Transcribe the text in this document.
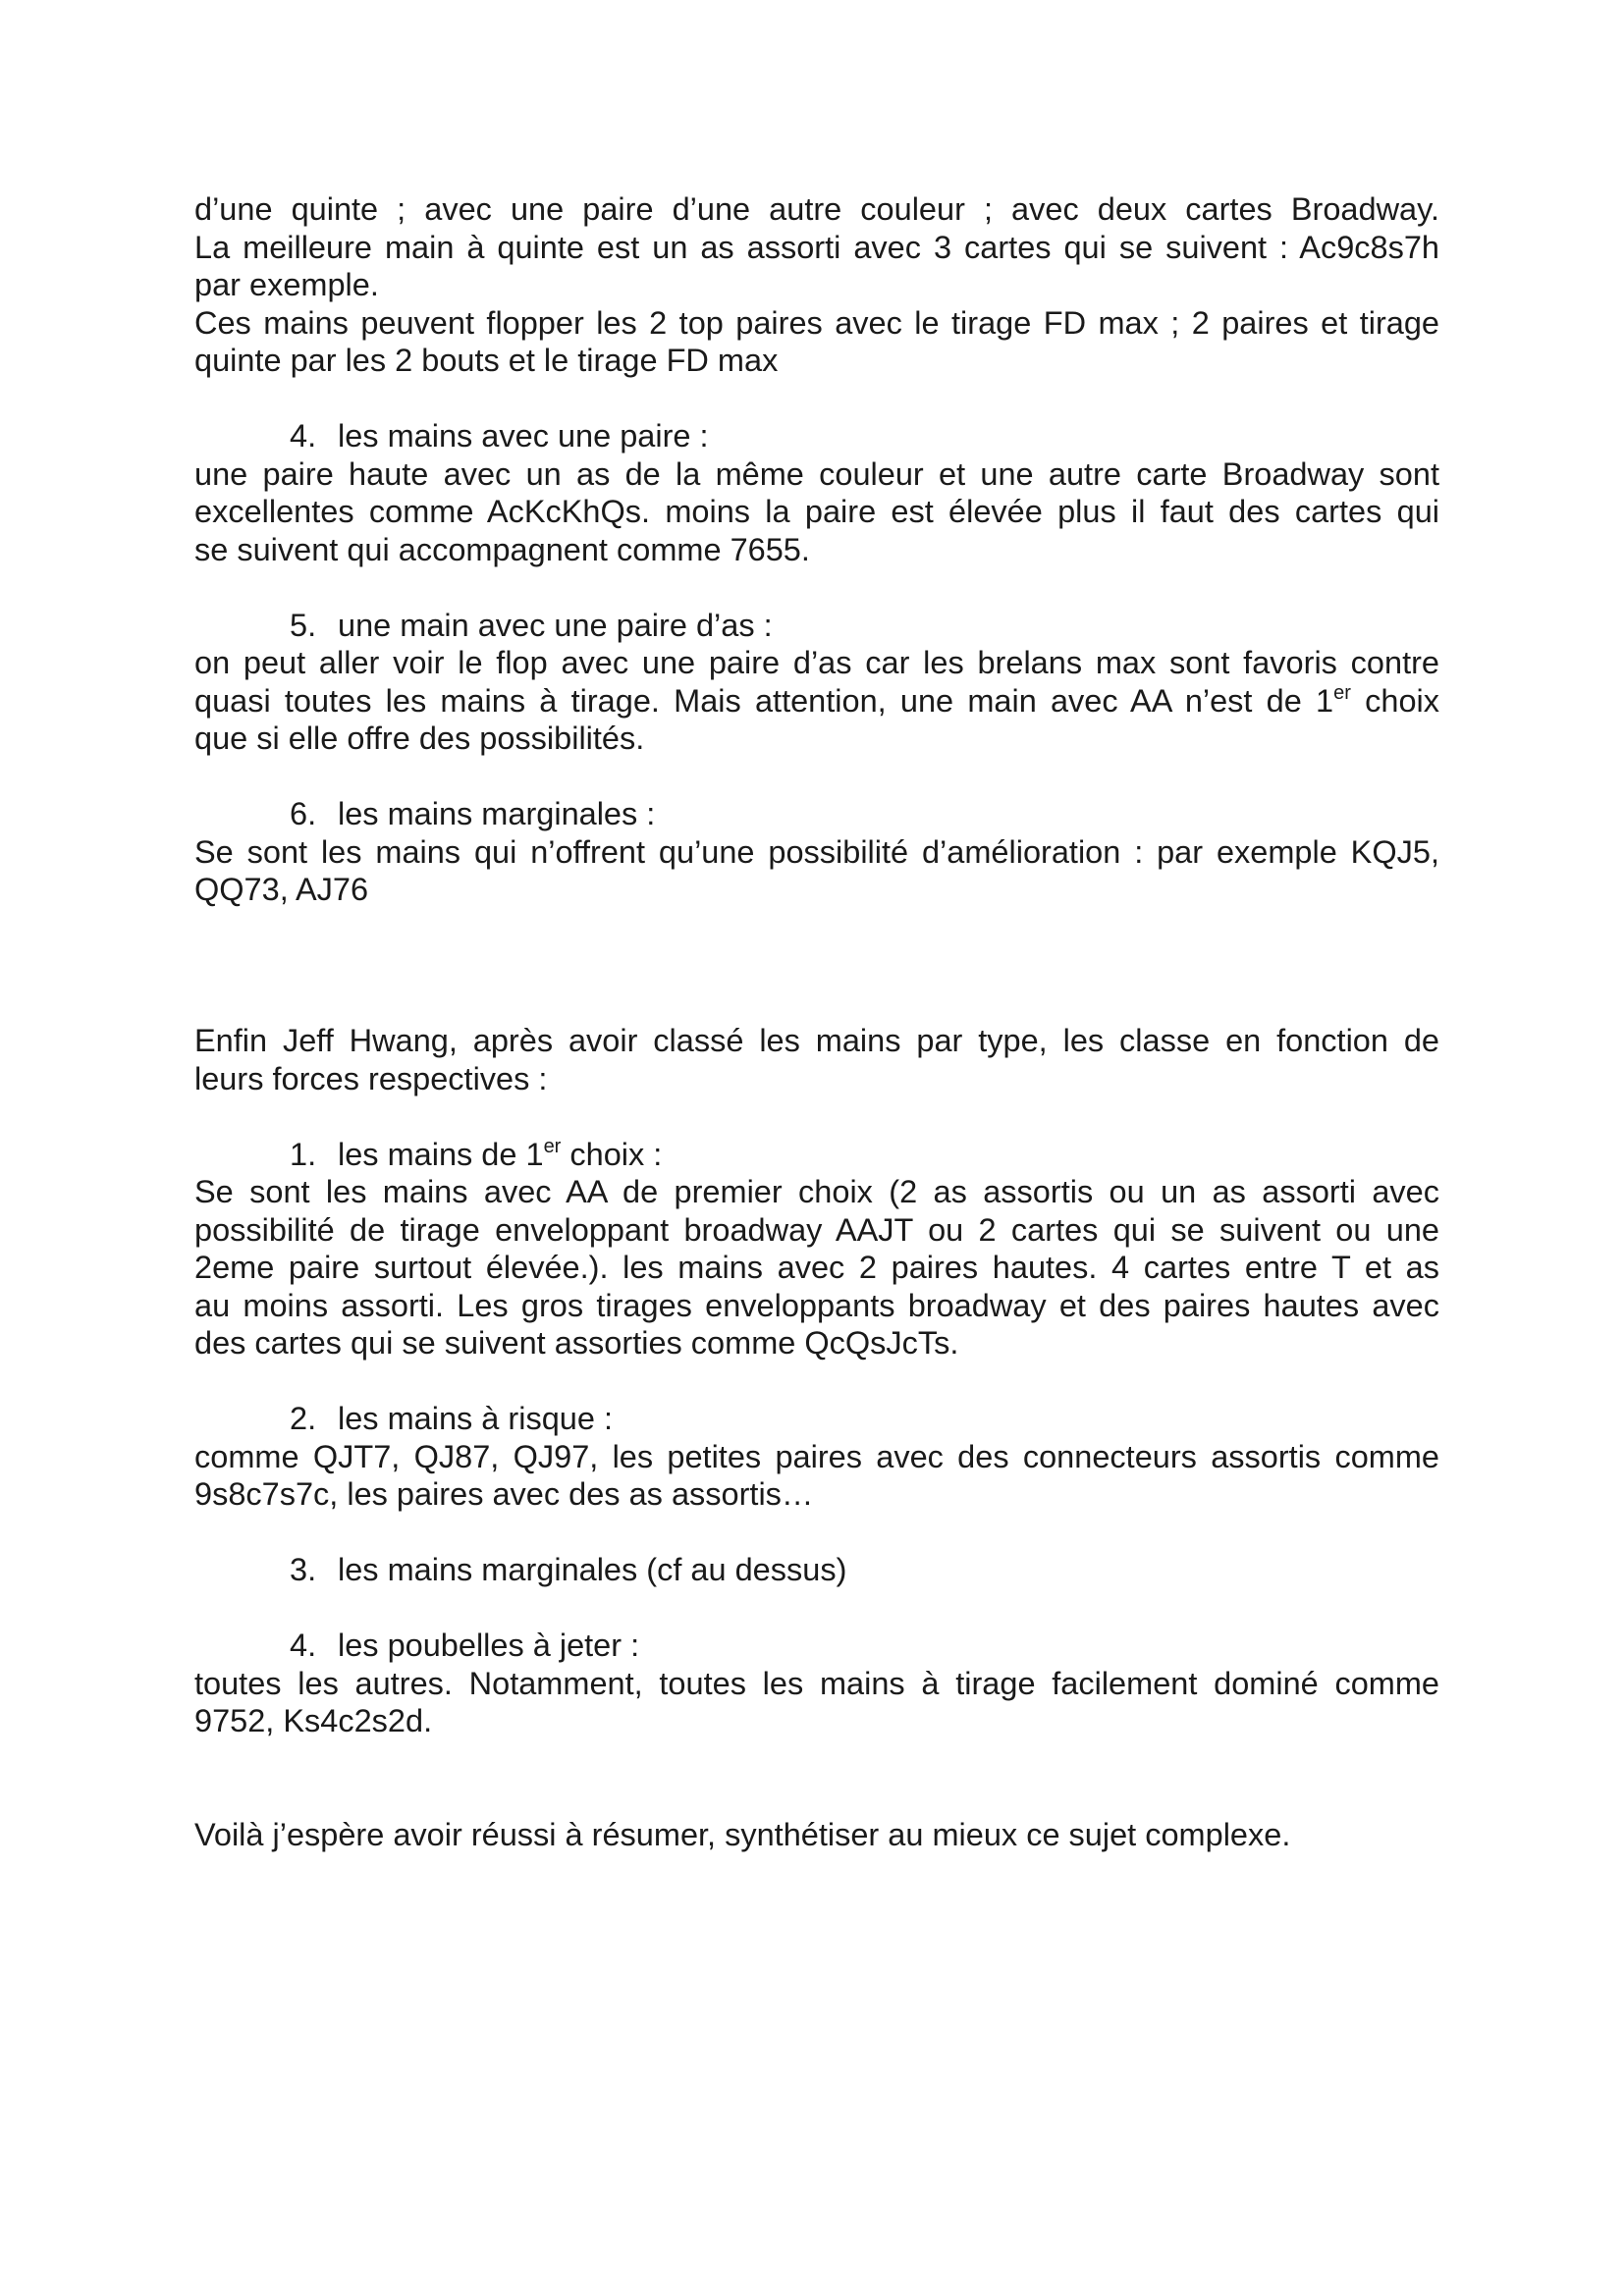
d’une quinte ; avec une paire d’une autre couleur ; avec deux cartes Broadway.
La meilleure main à quinte est un as assorti avec 3 cartes qui se suivent : Ac9c8s7h
par exemple.
Ces mains peuvent flopper les 2 top paires avec le tirage FD max ; 2 paires et tirage
quinte par les 2 bouts et le tirage FD max
4. les mains avec une paire :
une paire haute avec un as de la même couleur et une autre carte Broadway sont
excellentes comme AcKcKhQs. moins la paire est élevée plus il faut des cartes qui
se suivent qui accompagnent comme 7655.
5. une main avec une paire d’as :
on peut aller voir le flop avec une paire d’as car les brelans max sont favoris contre
quasi toutes les mains à tirage. Mais attention, une main avec AA n’est de 1er choix
que si elle offre des possibilités.
6. les mains marginales :
Se sont les mains qui n’offrent qu’une possibilité d’amélioration : par exemple KQJ5,
QQ73, AJ76
Enfin Jeff Hwang, après avoir classé les mains par type, les classe en fonction de
leurs forces respectives :
1. les mains de 1er choix :
Se sont les mains avec AA de premier choix (2 as assortis ou un as assorti avec
possibilité de tirage enveloppant broadway AAJT ou 2 cartes qui se suivent ou une
2eme paire surtout élevée.). les mains avec 2 paires hautes. 4 cartes entre T et as
au moins assorti. Les gros tirages enveloppants broadway et des paires hautes avec
des cartes qui se suivent assorties comme QcQsJcTs.
2. les mains à risque :
comme QJT7, QJ87, QJ97, les petites paires avec des connecteurs assortis comme
9s8c7s7c, les paires avec des as assortis…
3. les mains marginales (cf au dessus)
4. les poubelles à jeter :
toutes les autres. Notamment, toutes les mains à tirage facilement dominé comme
9752, Ks4c2s2d.
Voilà j’espère avoir réussi à résumer, synthétiser au mieux ce sujet complexe.
